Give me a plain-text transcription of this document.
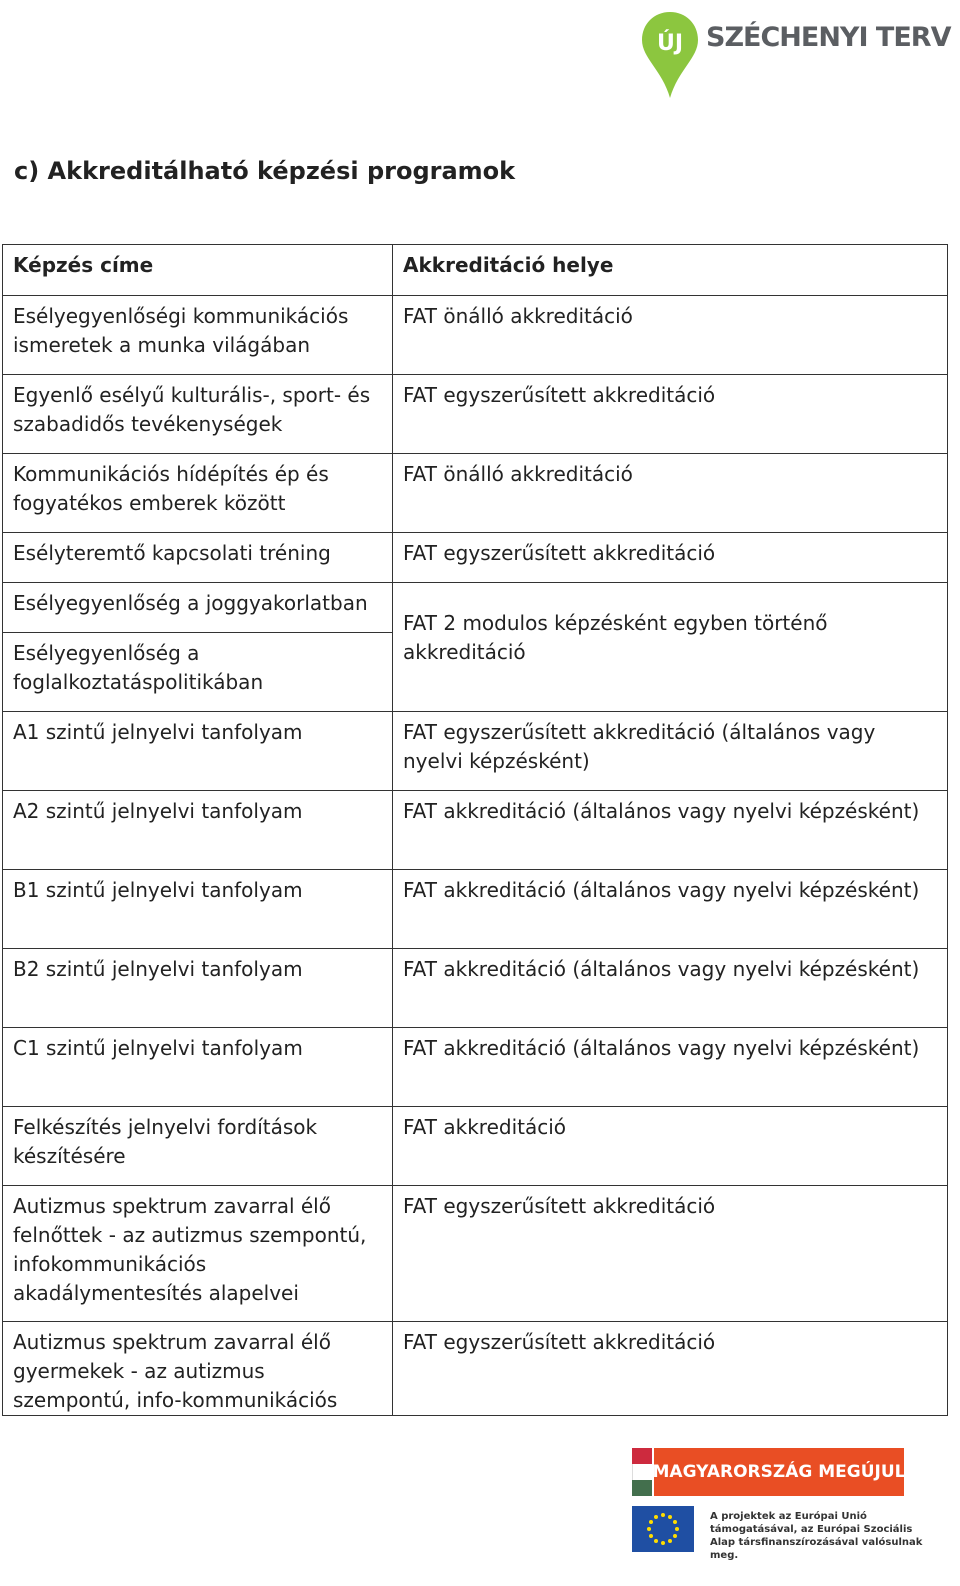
ÚJ SZÉCHENYI TERV
c) Akkreditálható képzési programok
Képzés címe	Akkreditáció helye
Esélyegyenlőségi kommunikációs ismeretek a munka világában	FAT önálló akkreditáció
Egyenlő esélyű kulturális-, sport- és szabadidős tevékenységek	FAT egyszerűsített akkreditáció
Kommunikációs hídépítés ép és fogyatékos emberek között	FAT önálló akkreditáció
Esélyteremtő kapcsolati tréning	FAT egyszerűsített akkreditáció
Esélyegyenlőség a joggyakorlatban	FAT 2 modulos képzésként egyben történő akkreditáció
Esélyegyenlőség a foglalkoztatáspolitikában	
A1 szintű jelnyelvi tanfolyam	FAT egyszerűsített akkreditáció (általános vagy nyelvi képzésként)
A2 szintű jelnyelvi tanfolyam	FAT akkreditáció (általános vagy nyelvi képzésként)
B1 szintű jelnyelvi tanfolyam	FAT akkreditáció (általános vagy nyelvi képzésként)
B2 szintű jelnyelvi tanfolyam	FAT akkreditáció (általános vagy nyelvi képzésként)
C1 szintű jelnyelvi tanfolyam	FAT akkreditáció (általános vagy nyelvi képzésként)
Felkészítés jelnyelvi fordítások készítésére	FAT akkreditáció
Autizmus spektrum zavarral élő felnőttek - az autizmus szempontú, infokommunikációs akadálymentesítés alapelvei	FAT egyszerűsített akkreditáció
Autizmus spektrum zavarral élő gyermekek - az autizmus szempontú, info-kommunikációs	FAT egyszerűsített akkreditáció
MAGYARORSZÁG MEGÚJUL
A projektek az Európai Unió támogatásával, az Európai Szociális Alap társfinanszírozásával valósulnak meg.
